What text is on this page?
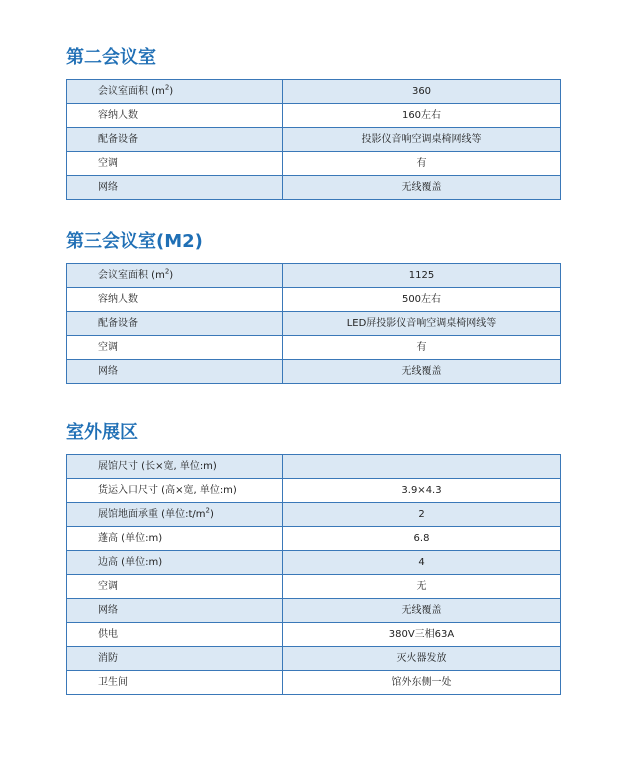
第二会议室
会议室面积 $(m^2)$	360
容纳人数	160左右
配备设备	投影仪音响空调桌椅网线等
空调	有
网络	无线覆盖
第三会议室(M2)
会议室面积 $(m^2)$	1125
容纳人数	500左右
配备设备	LED屏投影仪音响空调桌椅网线等
空调	有
网络	无线覆盖
室外展区
展馆尺寸 (长×宽, 单位:m)	
货运入口尺寸 (高×宽, 单位:m)	3.9×4.3
展馆地面承重 (单位$:t/m^2$)	2
蓬高 (单位:m)	6.8
边高 (单位:m)	4
空调	无
网络	无线覆盖
供电	380V三相63A
消防	灭火器发放
卫生间	馆外东侧一处
